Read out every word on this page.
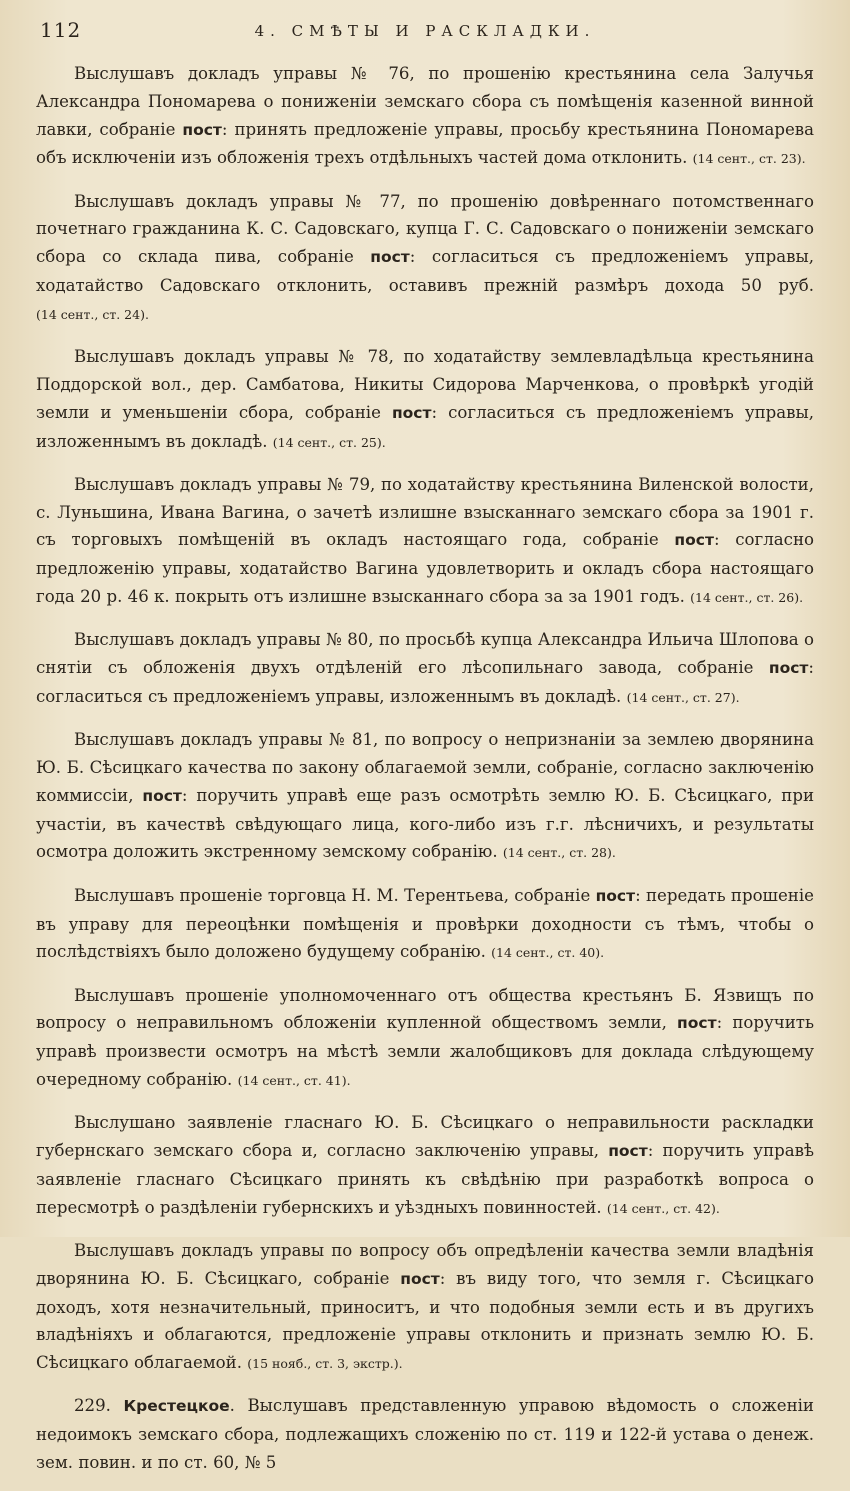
112	4. СМѢТЫ И РАСКЛАДКИ.

Выслушавъ докладъ управы № 76, по прошенію крестьянина села Залучья Александра Пономарева о пониженіи земскаго сбора съ помѣщенія казенной винной лавки, собраніе пост: принять предложеніе управы, просьбу крестьянина Пономарева объ исключеніи изъ обложенія трехъ отдѣльныхъ частей дома отклонить. (14 сент., ст. 23).

Выслушавъ докладъ управы № 77, по прошенію довѣреннаго потомственнаго почетнаго гражданина К. С. Садовскаго, купца Г. С. Садовскаго о пониженіи земскаго сбора со склада пива, собраніе пост: согласиться съ предложеніемъ управы, ходатайство Садовскаго отклонить, оставивъ прежній размѣръ дохода 50 руб. (14 сент., ст. 24).

Выслушавъ докладъ управы № 78, по ходатайству землевладѣльца крестьянина Поддорской вол., дер. Самбатова, Никиты Сидорова Марченкова, о провѣркѣ угодій земли и уменьшеніи сбора, собраніе пост: согласиться съ предложеніемъ управы, изложеннымъ въ докладѣ. (14 сент., ст. 25).

Выслушавъ докладъ управы № 79, по ходатайству крестьянина Виленской волости, с. Луньшина, Ивана Вагина, о зачетѣ излишне взысканнаго земскаго сбора за 1901 г. съ торговыхъ помѣщеній въ окладъ настоящаго года, собраніе пост: согласно предложенію управы, ходатайство Вагина удовлетворить и окладъ сбора настоящаго года 20 р. 46 к. покрыть отъ излишне взысканнаго сбора за за 1901 годъ. (14 сент., ст. 26).

Выслушавъ докладъ управы № 80, по просьбѣ купца Александра Ильича Шлопова о снятіи съ обложенія двухъ отдѣленій его лѣсопильнаго завода, собраніе пост: согласиться съ предложеніемъ управы, изложеннымъ въ докладѣ. (14 сент., ст. 27).

Выслушавъ докладъ управы № 81, по вопросу о непризнаніи за землею дворянина Ю. Б. Сѣсицкаго качества по закону облагаемой земли, собраніе, согласно заключенію коммиссіи, пост: поручить управѣ еще разъ осмотрѣть землю Ю. Б. Сѣсицкаго, при участіи, въ качествѣ свѣдующаго лица, кого-либо изъ г.г. лѣсничихъ, и результаты осмотра доложить экстренному земскому собранію. (14 сент., ст. 28).

Выслушавъ прошеніе торговца Н. М. Терентьева, собраніе пост: передать прошеніе въ управу для переоцѣнки помѣщенія и провѣрки доходности съ тѣмъ, чтобы о послѣдствіяхъ было доложено будущему собранію. (14 сент., ст. 40).

Выслушавъ прошеніе уполномоченнаго отъ общества крестьянъ Б. Язвищъ по вопросу о неправильномъ обложеніи купленной обществомъ земли, пост: поручить управѣ произвести осмотръ на мѣстѣ земли жалобщиковъ для доклада слѣдующему очередному собранію. (14 сент., ст. 41).

Выслушано заявленіе гласнаго Ю. Б. Сѣсицкаго о неправильности раскладки губернскаго земскаго сбора и, согласно заключенію управы, пост: поручить управѣ заявленіе гласнаго Сѣсицкаго принять къ свѣдѣнію при разработкѣ вопроса о пересмотрѣ о раздѣленіи губернскихъ и уѣздныхъ повинностей. (14 сент., ст. 42).

Выслушавъ докладъ управы по вопросу объ опредѣленіи качества земли владѣнія дворянина Ю. Б. Сѣсицкаго, собраніе пост: въ виду того, что земля г. Сѣсицкаго доходъ, хотя незначительный, приноситъ, и что подобныя земли есть и въ другихъ владѣніяхъ и облагаются, предложеніе управы отклонить и признать землю Ю. Б. Сѣсицкаго облагаемой. (15 нояб., ст. 3, экстр.).

229. Крестецкое. Выслушавъ представленную управою вѣдомость о сложеніи недоимокъ земскаго сбора, подлежащихъ сложенію по ст. 119 и 122-й устава о денеж. зем. повин. и по ст. 60, № 5
